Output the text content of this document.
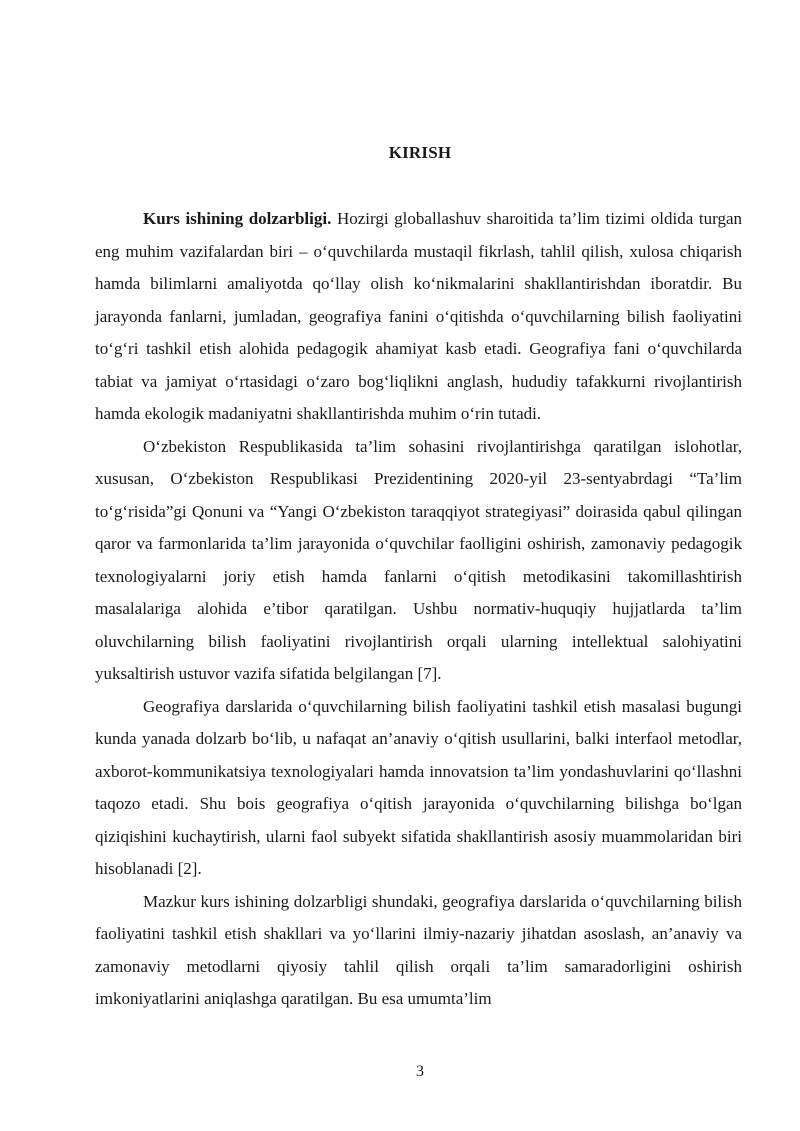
KIRISH

Kurs ishining dolzarbligi. Hozirgi globallashuv sharoitida ta’lim tizimi oldida turgan eng muhim vazifalardan biri – o‘quvchilarda mustaqil fikrlash, tahlil qilish, xulosa chiqarish hamda bilimlarni amaliyotda qo‘llay olish ko‘nikmalarini shakllantirishdan iboratdir. Bu jarayonda fanlarni, jumladan, geografiya fanini o‘qitishda o‘quvchilarning bilish faoliyatini to‘g‘ri tashkil etish alohida pedagogik ahamiyat kasb etadi. Geografiya fani o‘quvchilarda tabiat va jamiyat o‘rtasidagi o‘zaro bog‘liqlikni anglash, hududiy tafakkurni rivojlantirish hamda ekologik madaniyatni shakllantirishda muhim o‘rin tutadi.

O‘zbekiston Respublikasida ta’lim sohasini rivojlantirishga qaratilgan islohotlar, xususan, O‘zbekiston Respublikasi Prezidentining 2020-yil 23-sentyabrdagi “Ta’lim to‘g‘risida”gi Qonuni va “Yangi O‘zbekiston taraqqiyot strategiyasi” doirasida qabul qilingan qaror va farmonlarida ta’lim jarayonida o‘quvchilar faolligini oshirish, zamonaviy pedagogik texnologiyalarni joriy etish hamda fanlarni o‘qitish metodikasini takomillashtirish masalalariga alohida e’tibor qaratilgan. Ushbu normativ-huquqiy hujjatlarda ta’lim oluvchilarning bilish faoliyatini rivojlantirish orqali ularning intellektual salohiyatini yuksaltirish ustuvor vazifa sifatida belgilangan [7].

Geografiya darslarida o‘quvchilarning bilish faoliyatini tashkil etish masalasi bugungi kunda yanada dolzarb bo‘lib, u nafaqat an’anaviy o‘qitish usullarini, balki interfaol metodlar, axborot-kommunikatsiya texnologiyalari hamda innovatsion ta’lim yondashuvlarini qo‘llashni taqozo etadi. Shu bois geografiya o‘qitish jarayonida o‘quvchilarning bilishga bo‘lgan qiziqishini kuchaytirish, ularni faol subyekt sifatida shakllantirish asosiy muammolaridan biri hisoblanadi [2].

Mazkur kurs ishining dolzarbligi shundaki, geografiya darslarida o‘quvchilarning bilish faoliyatini tashkil etish shakllari va yo‘llarini ilmiy-nazariy jihatdan asoslash, an’anaviy va zamonaviy metodlarni qiyosiy tahlil qilish orqali ta’lim samaradorligini oshirish imkoniyatlarini aniqlashga qaratilgan. Bu esa umumta’lim

3
